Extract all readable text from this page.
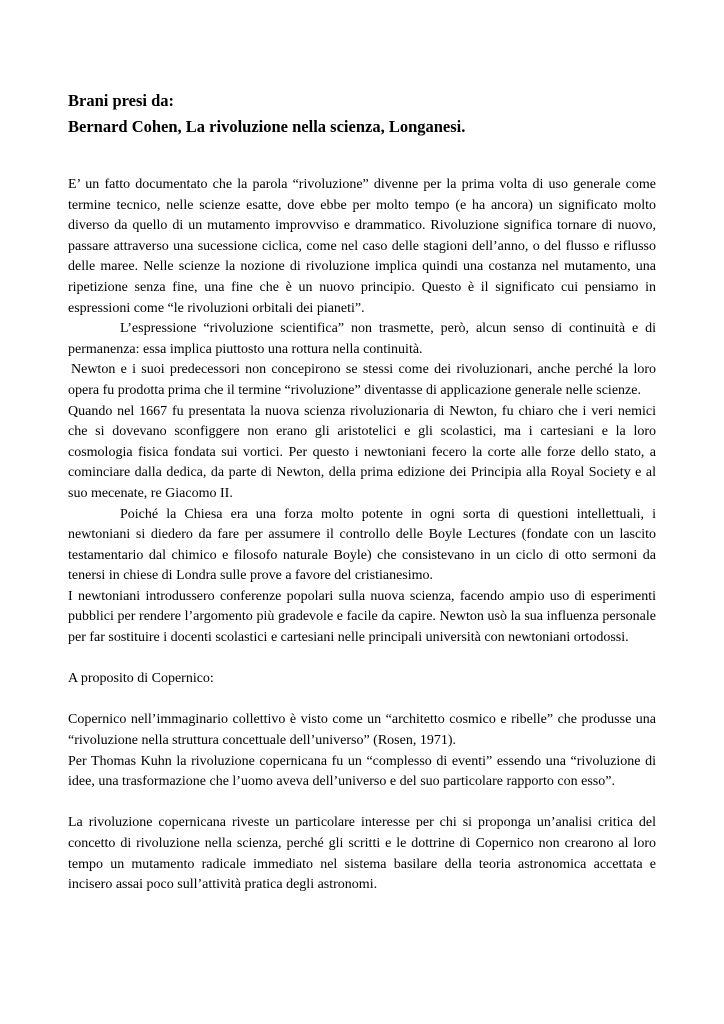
Brani presi da:

Bernard Cohen, La rivoluzione nella scienza, Longanesi.

E’ un fatto documentato che la parola “rivoluzione” divenne per la prima volta di uso generale come termine tecnico, nelle scienze esatte, dove ebbe per molto tempo (e ha ancora) un significato molto diverso da quello di un mutamento improvviso e drammatico. Rivoluzione significa tornare di nuovo, passare attraverso una sucessione ciclica, come nel caso delle stagioni dell’anno, o del flusso e riflusso delle maree. Nelle scienze la nozione di rivoluzione implica quindi una costanza nel mutamento, una ripetizione senza fine, una fine che è un nuovo principio. Questo è il significato cui pensiamo in espressioni come “le rivoluzioni orbitali dei pianeti”.

L’espressione “rivoluzione scientifica” non trasmette, però, alcun senso di continuità e di permanenza: essa implica piuttosto una rottura nella continuità.

Newton e i suoi predecessori non concepirono se stessi come dei rivoluzionari, anche perché la loro opera fu prodotta prima che il termine “rivoluzione” diventasse di applicazione generale nelle scienze.

Quando nel 1667 fu presentata la nuova scienza rivoluzionaria di Newton, fu chiaro che i veri nemici che si dovevano sconfiggere non erano gli aristotelici e gli scolastici, ma i cartesiani e la loro cosmologia fisica fondata sui vortici. Per questo i newtoniani fecero la corte alle forze dello stato, a cominciare dalla dedica, da parte di Newton, della prima edizione dei Principia alla Royal Society e al suo mecenate, re Giacomo II.

Poiché la Chiesa era una forza molto potente in ogni sorta di questioni intellettuali, i newtoniani si diedero da fare per assumere il controllo delle Boyle Lectures (fondate con un lascito testamentario dal chimico e filosofo naturale Boyle) che consistevano in un ciclo di otto sermoni da tenersi in chiese di Londra sulle prove a favore del cristianesimo.

I newtoniani introdussero conferenze popolari sulla nuova scienza, facendo ampio uso di esperimenti pubblici per rendere l’argomento più gradevole e facile da capire. Newton usò la sua influenza personale per far sostituire i docenti scolastici e cartesiani nelle principali università con newtoniani ortodossi.

A proposito di Copernico:

Copernico nell’immaginario collettivo è visto come un “architetto cosmico e ribelle” che produsse una “rivoluzione nella struttura concettuale dell’universo” (Rosen, 1971).

Per Thomas Kuhn la rivoluzione copernicana fu un “complesso di eventi” essendo una “rivoluzione di idee, una trasformazione che l’uomo aveva dell’universo e del suo particolare rapporto con esso”.

La rivoluzione copernicana riveste un particolare interesse per chi si proponga un’analisi critica del concetto di rivoluzione nella scienza, perché gli scritti e le dottrine di Copernico non crearono al loro tempo un mutamento radicale immediato nel sistema basilare della teoria astronomica accettata e incisero assai poco sull’attività pratica degli astronomi.
